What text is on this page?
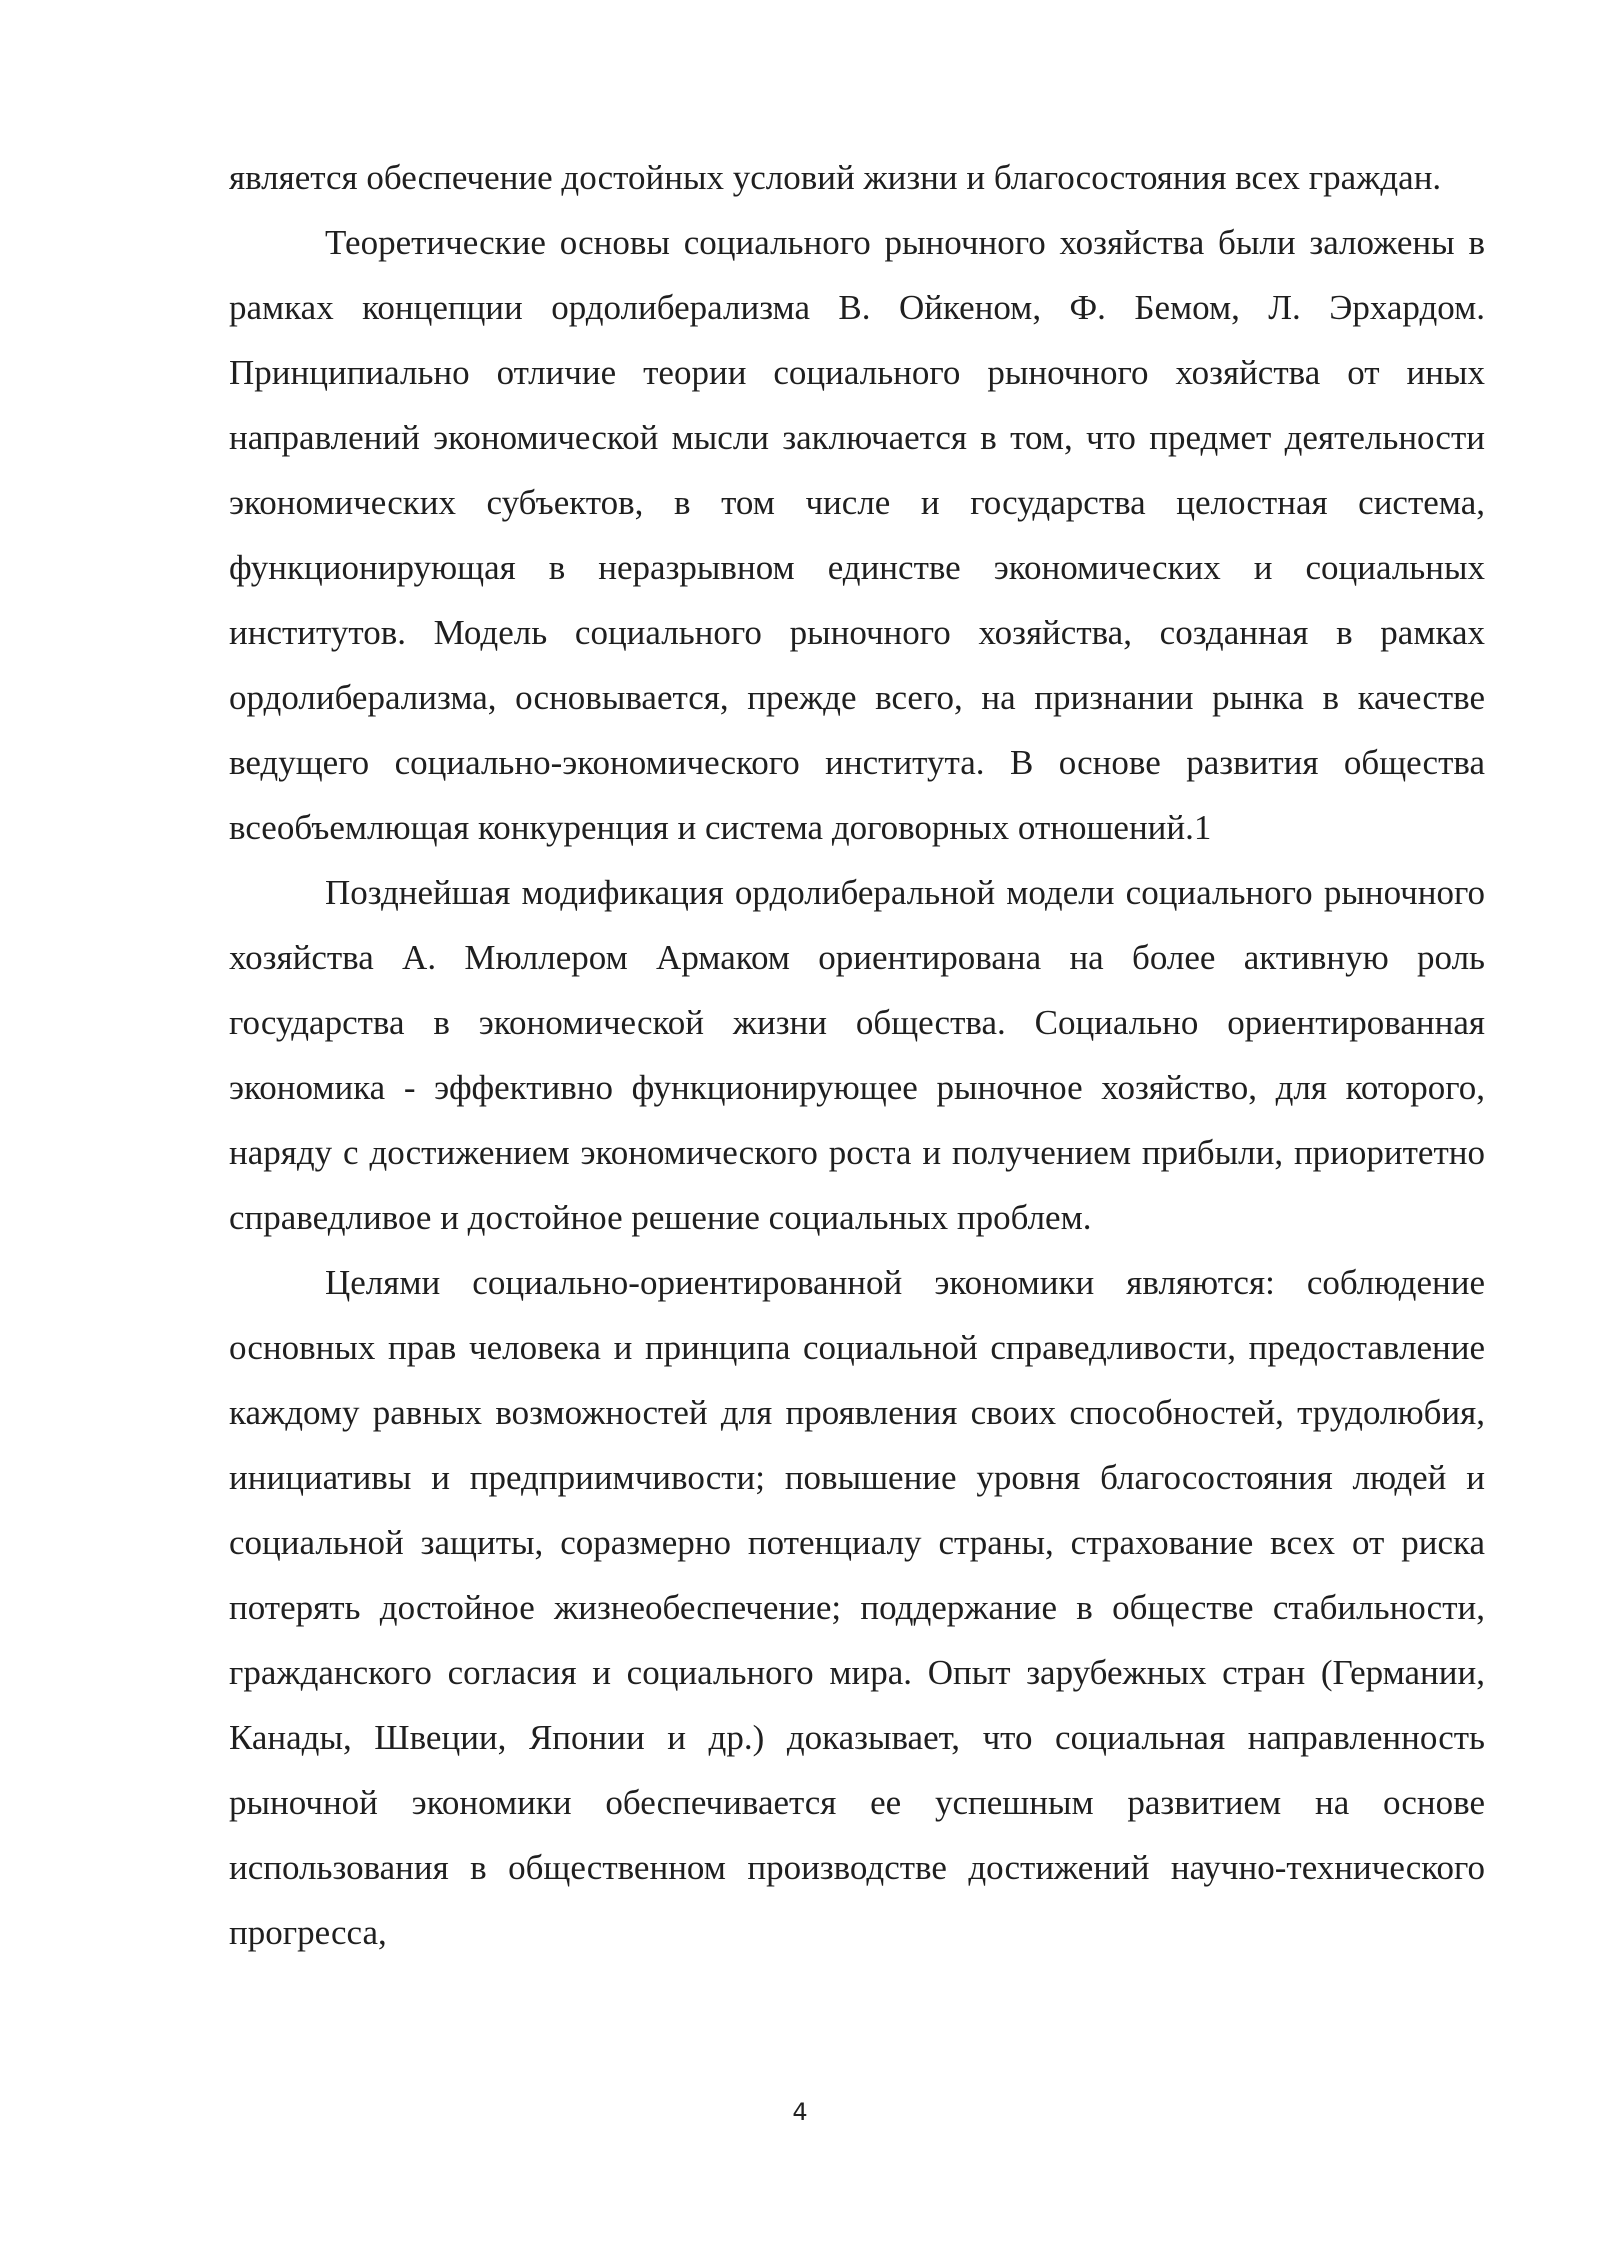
является обеспечение достойных условий жизни и благосостояния всех граждан.

Теоретические основы социального рыночного хозяйства были заложены в рамках концепции ордолиберализма В. Ойкеном, Ф. Бемом, Л. Эрхардом. Принципиально отличие теории социального рыночного хозяйства от иных направлений экономической мысли заключается в том, что предмет деятельности экономических субъектов, в том числе и государства целостная система, функционирующая в неразрывном единстве экономических и социальных институтов. Модель социального рыночного хозяйства, созданная в рамках ордолиберализма, основывается, прежде всего, на признании рынка в качестве ведущего социально-экономического института. В основе развития общества всеобъемлющая конкуренция и система договорных отношений.1

Позднейшая модификация ордолиберальной модели социального рыночного хозяйства А. Мюллером Армаком ориентирована на более активную роль государства в экономической жизни общества. Социально ориентированная экономика - эффективно функционирующее рыночное хозяйство, для которого, наряду с достижением экономического роста и получением прибыли, приоритетно справедливое и достойное решение социальных проблем.

Целями социально-ориентированной экономики являются: соблюдение основных прав человека и принципа социальной справедливости, предоставление каждому равных возможностей для проявления своих способностей, трудолюбия, инициативы и предприимчивости; повышение уровня благосостояния людей и социальной защиты, соразмерно потенциалу страны, страхование всех от риска потерять достойное жизнеобеспечение; поддержание в обществе стабильности, гражданского согласия и социального мира. Опыт зарубежных стран (Германии, Канады, Швеции, Японии и др.) доказывает, что социальная направленность рыночной экономики обеспечивается ее успешным развитием на основе использования в общественном производстве достижений научно-технического прогресса,

4
